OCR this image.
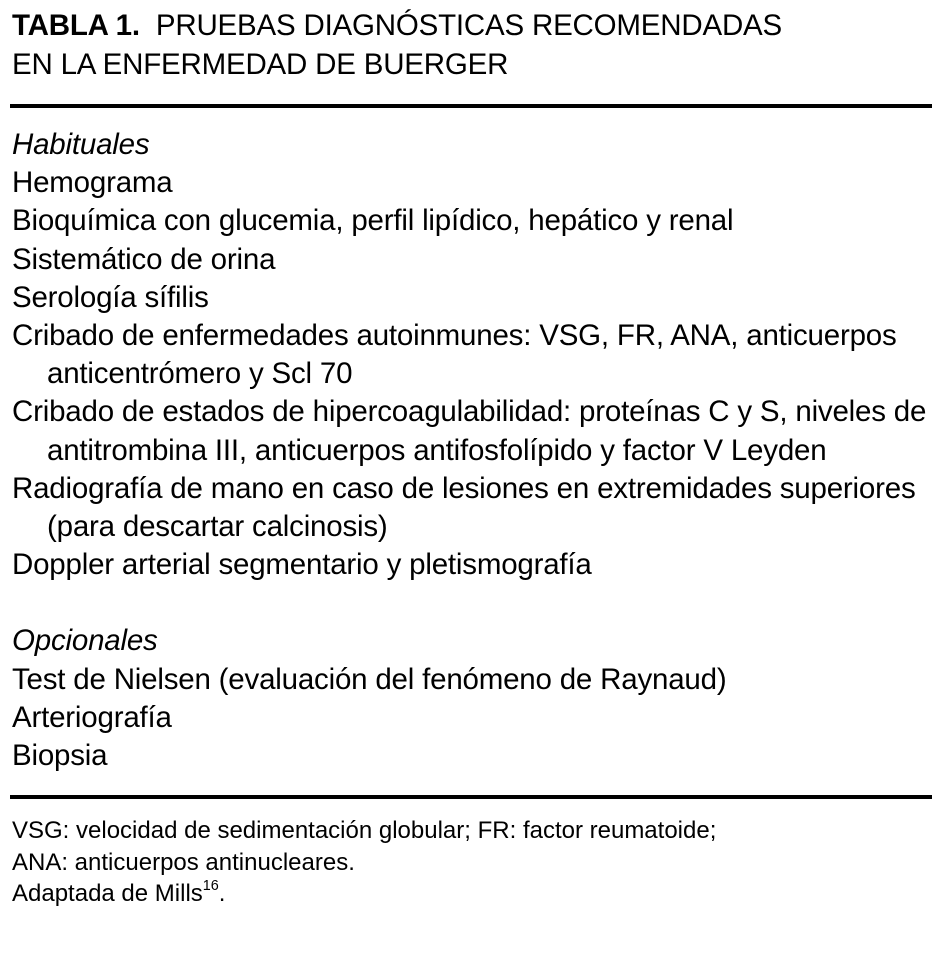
TABLA 1. PRUEBAS DIAGNÓSTICAS RECOMENDADAS
EN LA ENFERMEDAD DE BUERGER
Habituales
Hemograma
Bioquímica con glucemia, perfil lipídico, hepático y renal
Sistemático de orina
Serología sífilis
Cribado de enfermedades autoinmunes: VSG, FR, ANA, anticuerpos anticentrómero y Scl 70
Cribado de estados de hipercoagulabilidad: proteínas C y S, niveles de antitrombina III, anticuerpos antifosfolípido y factor V Leyden
Radiografía de mano en caso de lesiones en extremidades superiores (para descartar calcinosis)
Doppler arterial segmentario y pletismografía
Opcionales
Test de Nielsen (evaluación del fenómeno de Raynaud)
Arteriografía
Biopsia
VSG: velocidad de sedimentación globular; FR: factor reumatoide;
ANA: anticuerpos antinucleares.
Adaptada de Mills$^{16}$.
